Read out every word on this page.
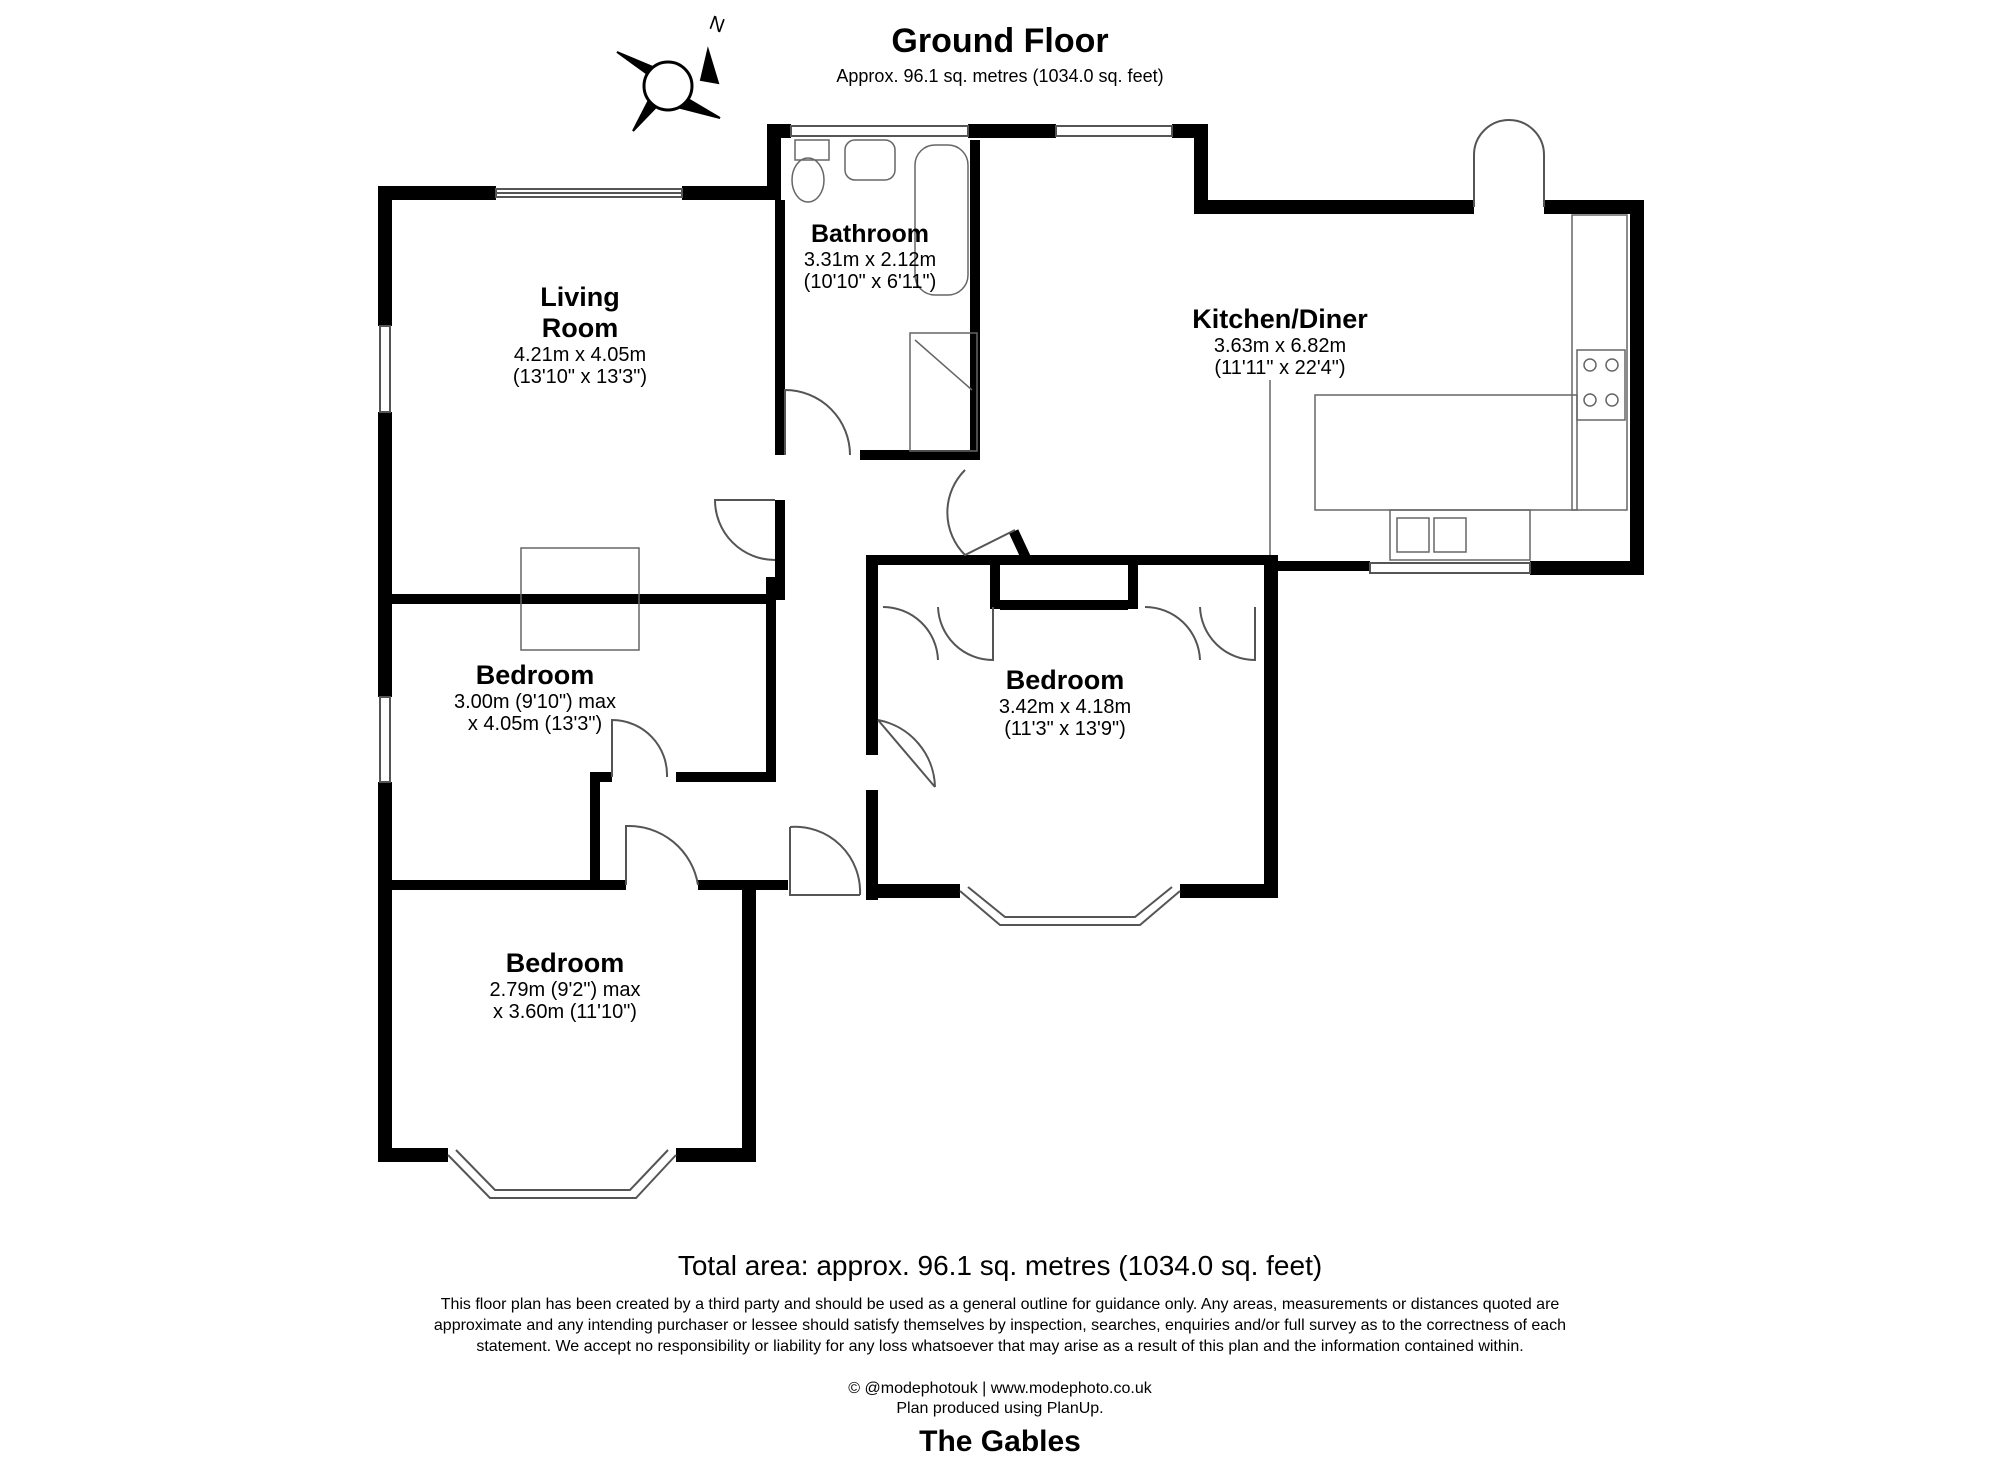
Ground Floor
Approx. 96.1 sq. metres (1034.0 sq. feet)
N
Living
Room
4.21m x 4.05m
(13'10" x 13'3")
Bathroom
3.31m x 2.12m
(10'10" x 6'11")
Kitchen/Diner
3.63m x 6.82m
(11'11" x 22'4")
Bedroom
3.00m (9'10") max
x 4.05m (13'3")
Bedroom
3.42m x 4.18m
(11'3" x 13'9")
Bedroom
2.79m (9'2") max
x 3.60m (11'10")
Total area: approx. 96.1 sq. metres (1034.0 sq. feet)
This floor plan has been created by a third party and should be used as a general outline for guidance only. Any areas, measurements or distances quoted are
approximate and any intending purchaser or lessee should satisfy themselves by inspection, searches, enquiries and/or full survey as to the correctness of each
statement. We accept no responsibility or liability for any loss whatsoever that may arise as a result of this plan and the information contained within.
© @modephotouk | www.modephoto.co.uk
Plan produced using PlanUp.
The Gables
